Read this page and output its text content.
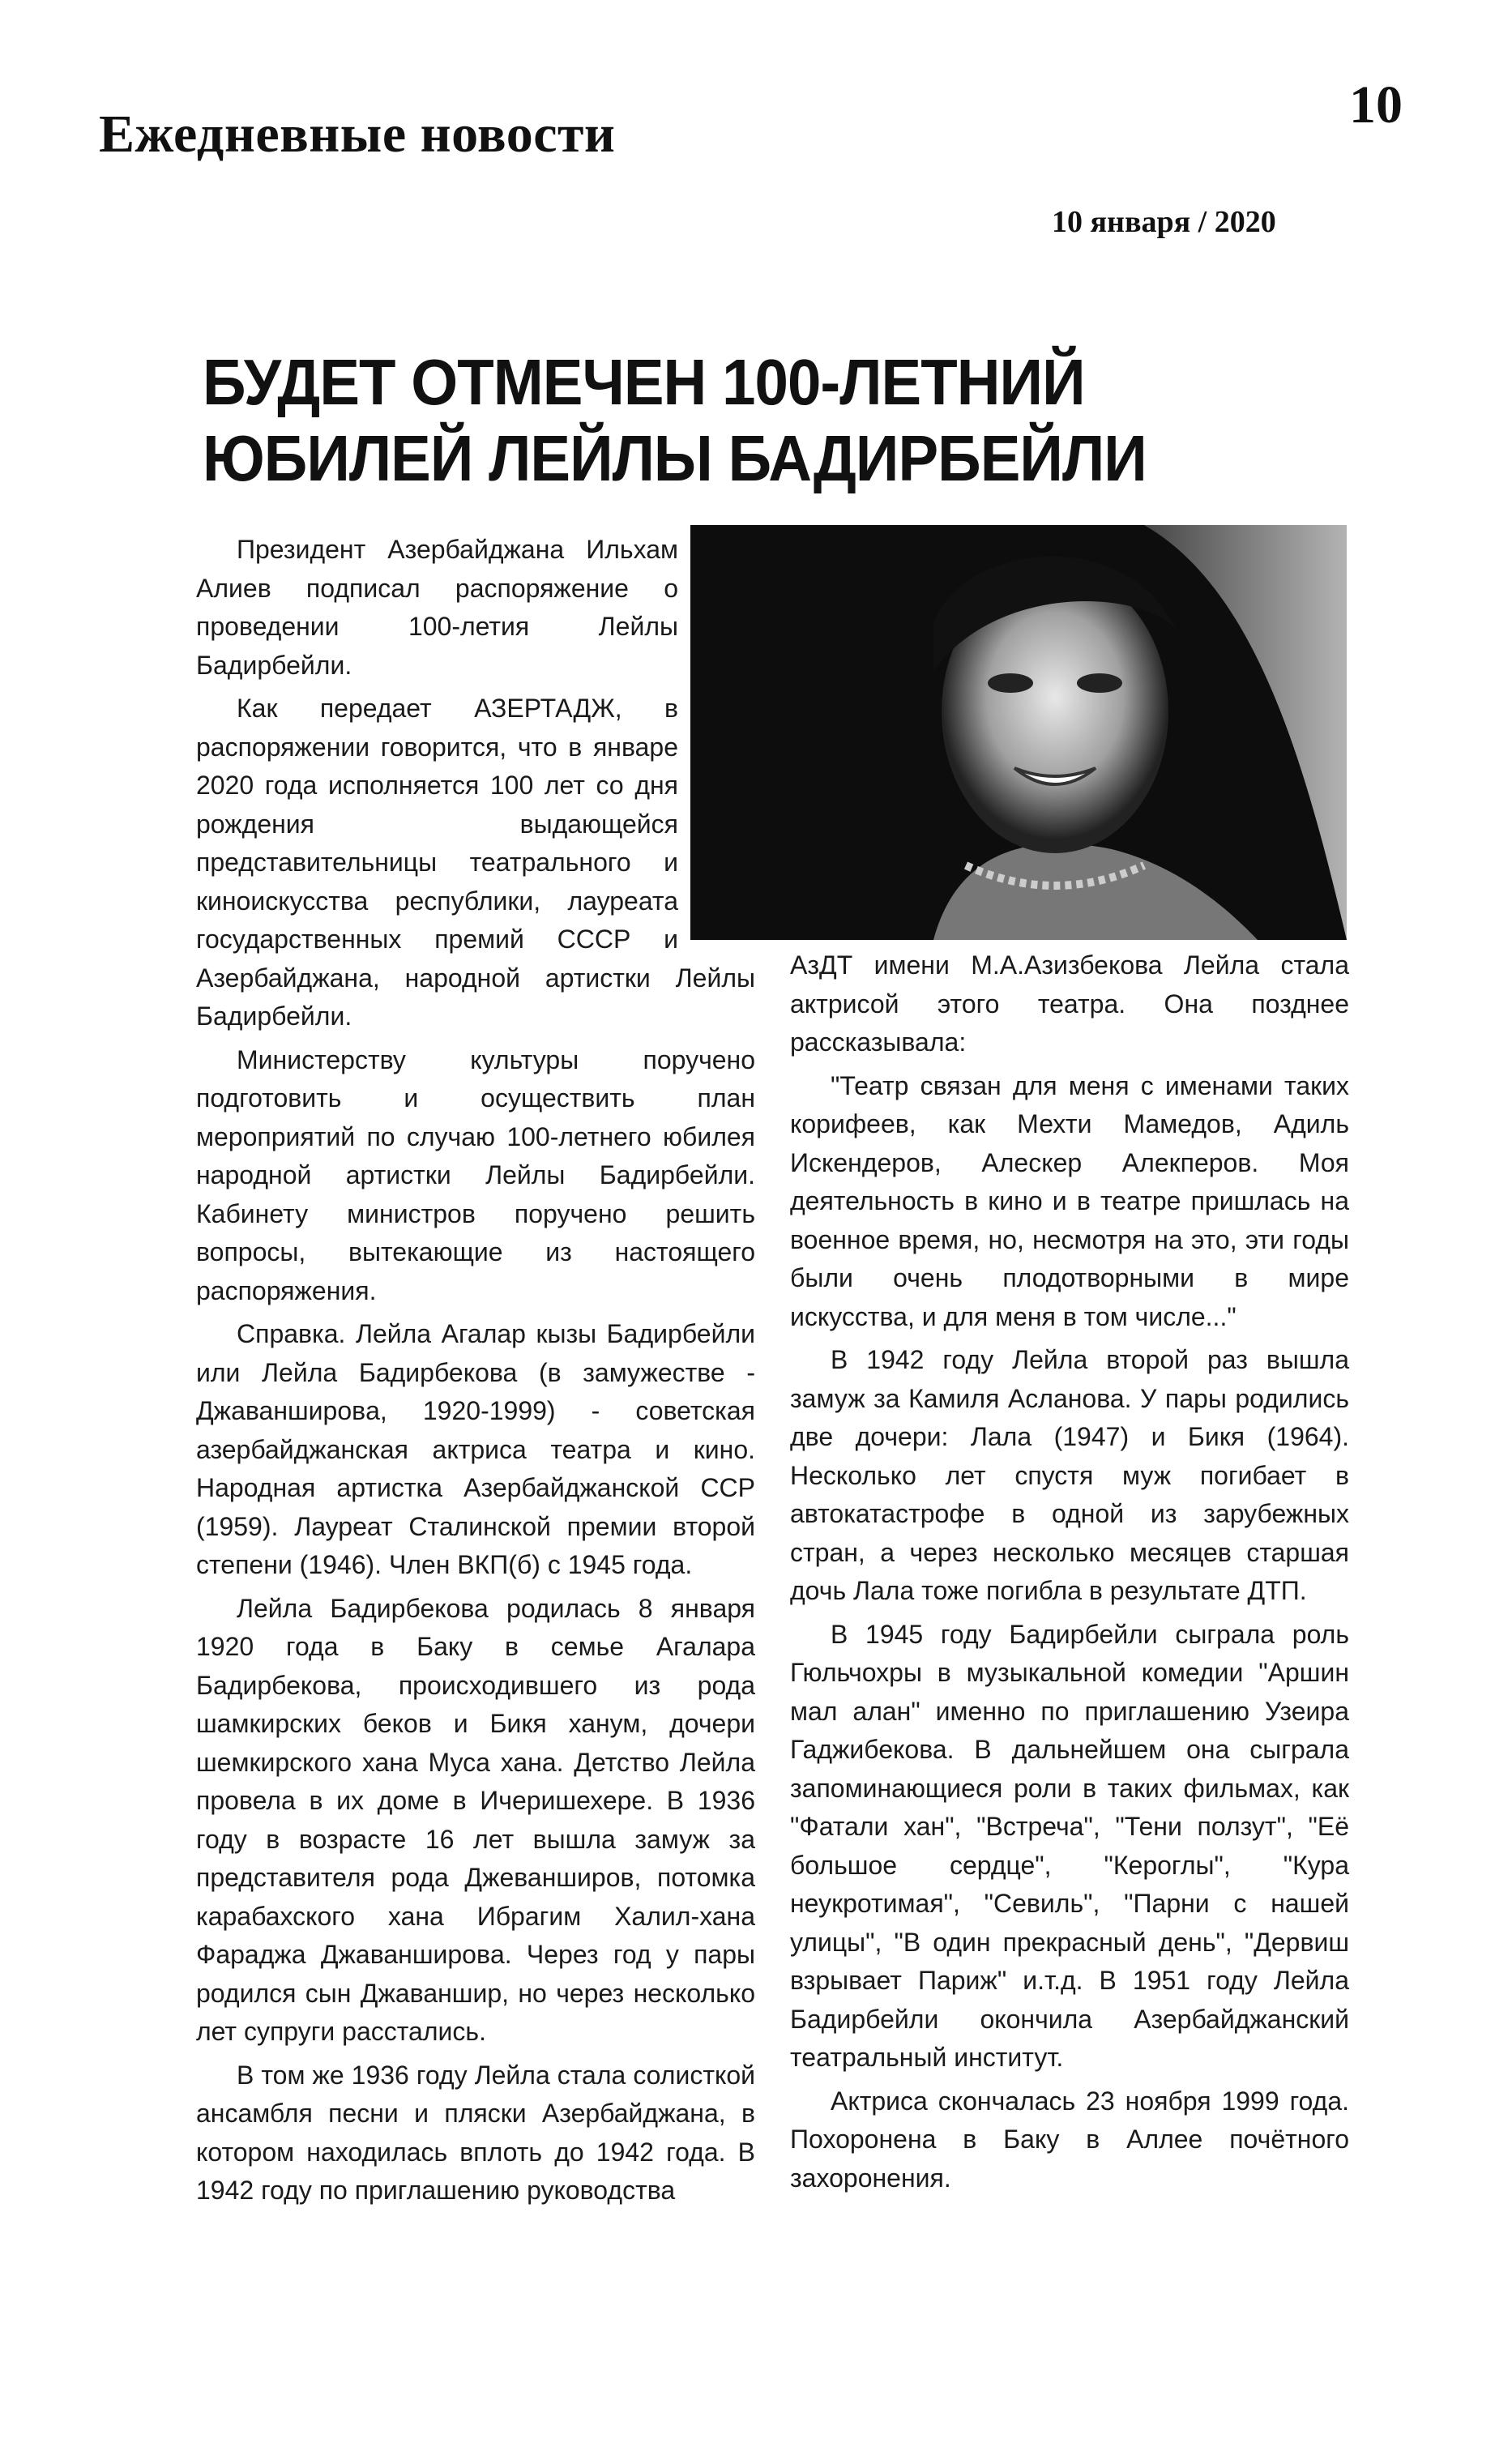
Ежедневные новости	10
10 января / 2020
БУДЕТ ОТМЕЧЕН 100-ЛЕТНИЙ
ЮБИЛЕЙ ЛЕЙЛЫ БАДИРБЕЙЛИ

Президент Азербайджана Ильхам Алиев подписал распоряжение о проведении 100-летия Лейлы Бадирбейли.

Как передает АЗЕРТАДЖ, в распоряжении говорится, что в январе 2020 года исполняется 100 лет со дня рождения выдающейся представительницы театрального и киноискусства республики, лауреата государственных премий СССР и Азербайджана, народной артистки Лейлы Бадирбейли.

Министерству культуры поручено подготовить и осуществить план мероприятий по случаю 100-летнего юбилея народной артистки Лейлы Бадирбейли. Кабинету министров поручено решить вопросы, вытекающие из настоящего распоряжения.

Справка. Лейла Агалар кызы Бадирбейли или Лейла Бадирбекова (в замужестве - Джаваншировa, 1920-1999) - советская азербайджанская актриса театра и кино. Народная артистка Азербайджанской ССР (1959). Лауреат Сталинской премии второй степени (1946). Член ВКП(б) с 1945 года.

Лейла Бадирбекова родилась 8 января 1920 года в Баку в семье Агалара Бадирбекова, происходившего из рода шамкирских беков и Бикя ханум, дочери шемкирского хана Муса хана. Детство Лейла провела в их доме в Ичеришехере. В 1936 году в возрасте 16 лет вышла замуж за представителя рода Джеванширов, потомка карабахского хана Ибрагим Халил-хана Фараджа Джаваншировa. Через год у пары родился сын Джаваншир, но через несколько лет супруги расстались.

В том же 1936 году Лейла стала солисткой ансамбля песни и пляски Азербайджана, в котором находилась вплоть до 1942 года. В 1942 году по приглашению руководства

АзДТ имени М.А.Азизбекова Лейла стала актрисой этого театра. Она позднее рассказывала:

"Театр связан для меня с именами таких корифеев, как Мехти Мамедов, Адиль Искендеров, Алескер Алекперов. Моя деятельность в кино и в театре пришлась на военное время, но, несмотря на это, эти годы были очень плодотворными в мире искусства, и для меня в том числе..."

В 1942 году Лейла второй раз вышла замуж за Камиля Асланова. У пары родились две дочери: Лала (1947) и Бикя (1964). Несколько лет спустя муж погибает в автокатастрофе в одной из зарубежных стран, а через несколько месяцев старшая дочь Лала тоже погибла в результате ДТП.

В 1945 году Бадирбейли сыграла роль Гюльчохры в музыкальной комедии "Аршин мал алан" именно по приглашению Узеира Гаджибекова. В дальнейшем она сыграла запоминающиеся роли в таких фильмах, как "Фатали хан", "Встреча", "Тени ползут", "Её большое сердце", "Кероглы", "Кура неукротимая", "Севиль", "Парни с нашей улицы", "В один прекрасный день", "Дервиш взрывает Париж" и.т.д. В 1951 году Лейла Бадирбейли окончила Азербайджанский театральный институт.

Актриса скончалась 23 ноября 1999 года. Похоронена в Баку в Аллее почётного захоронения.
